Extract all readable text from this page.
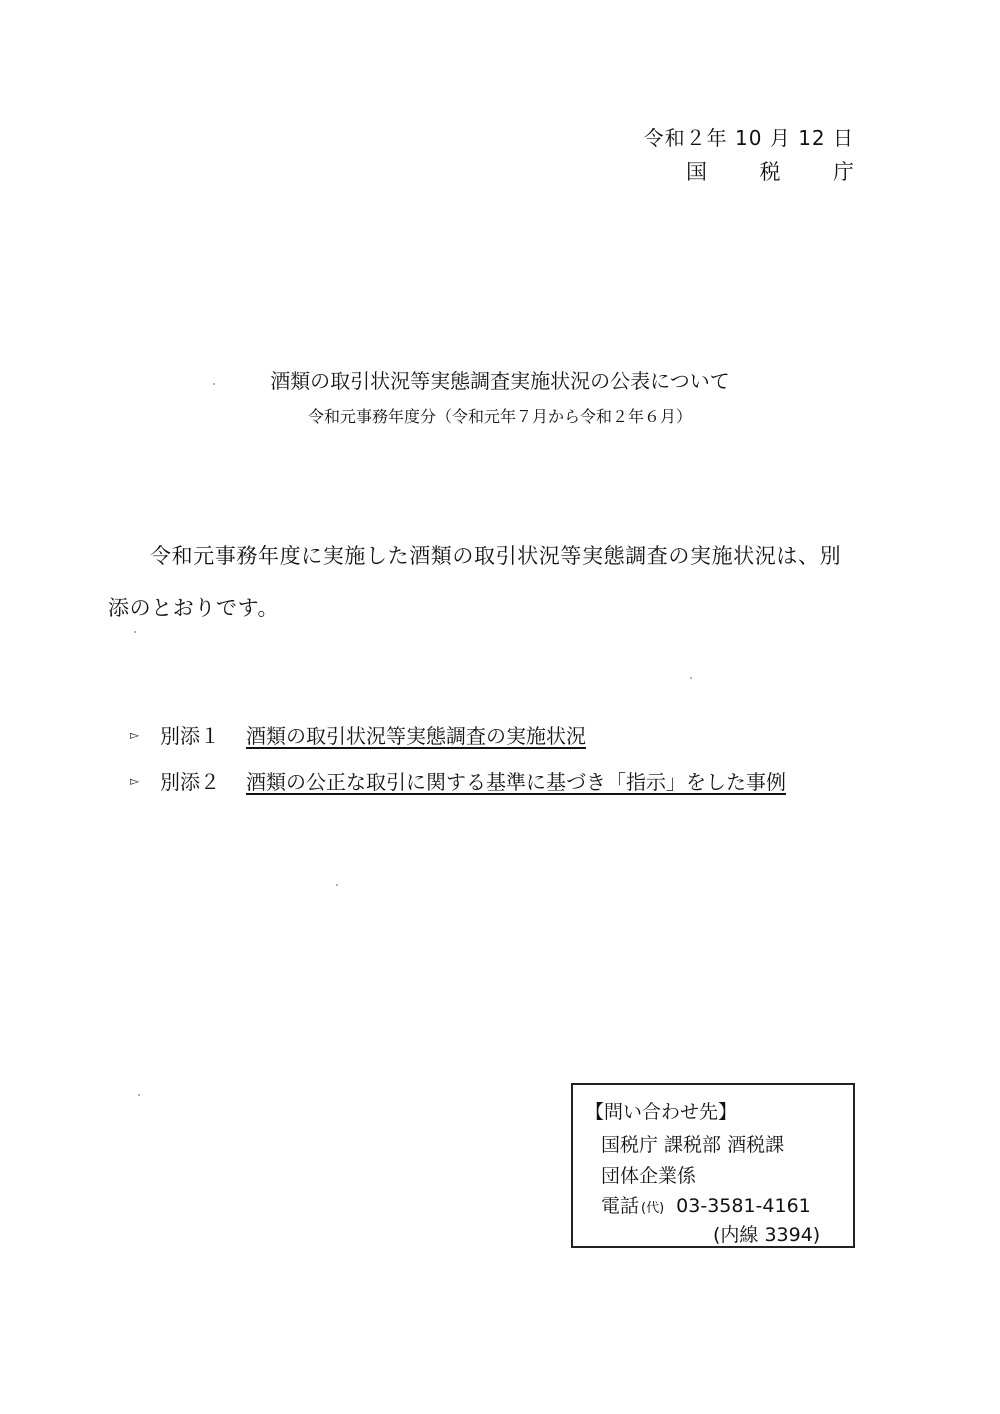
令和２年 10 月 12 日
国	税	庁
酒類の取引状況等実態調査実施状況の公表について
令和元事務年度分（令和元年７月から令和２年６月）
令和元事務年度に実施した酒類の取引状況等実態調査の実施状況は、別添のとおりです。
▻	別添１ 酒類の取引状況等実態調査の実施状況
▻	別添２ 酒類の公正な取引に関する基準に基づき「指示」をした事例
【問い合わせ先】
国税庁 課税部 酒税課
団体企業係
電話 (代) 03-3581-4161
(内線 3394)
